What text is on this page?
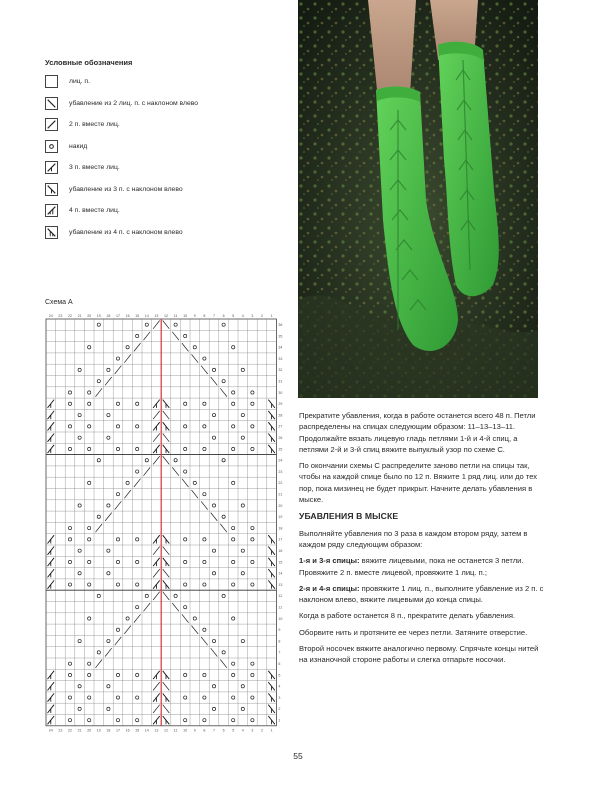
Условные обозначения
лиц. п.
убавление из 2 лиц. п. с наклоном влево
2 п. вместе лиц.
накид
3 п. вместе лиц.
убавление из 3 п. с наклоном влево
4 п. вместе лиц.
убавление из 4 п. с наклоном влево
Схема А
24
24
23
23
22
22
21
21
20
20
19
19
18
18
17
17
16
16
15
15
14
14
13
13
12
12
11
11
10
10
9
9
8
8
7
7
6
6
5
5
4
4
3
3
2
2
1
1
36
35
34
33
32
31
30
29
28
27
26
25
24
23
22
21
20
19
18
17
16
15
14
13
12
11
10
9
8
7
6
5
4
3
2
1

Прекратите убавления, когда в работе останется всего 48 п. Петли распределены на спицах следующим образом: 11–13–13–11. Продолжайте вязать лицевую гладь петлями 1-й и 4-й спиц, а петлями 2-й и 3-й спиц вяжите выпуклый узор по схеме С.

По окончании схемы С распределите заново петли на спицы так, чтобы на каждой спице было по 12 п. Вяжите 1 ряд лиц. или до тех пор, пока мизинец не будет прикрыт. Начните делать убавления в мыске.

УБАВЛЕНИЯ В МЫСКЕ

Выполняйте убавления по 3 раза в каждом втором ряду, затем в каждом ряду следующим образом:

1-я и 3-я спицы: вяжите лицевыми, пока не останется 3 петли. Провяжите 2 п. вместе лицевой, провяжите 1 лиц. п.;

2-я и 4-я спицы: провяжите 1 лиц. п., выполните убавление из 2 п. с наклоном влево, вяжите лицевыми до конца спицы.

Когда в работе останется 8 п., прекратите делать убавления.

Оборвите нить и протяните ее через петли. Затяните отверстие.

Второй носочек вяжите аналогично первому. Спрячьте концы нитей на изнаночной стороне работы и слегка отпарьте носочки.

55
